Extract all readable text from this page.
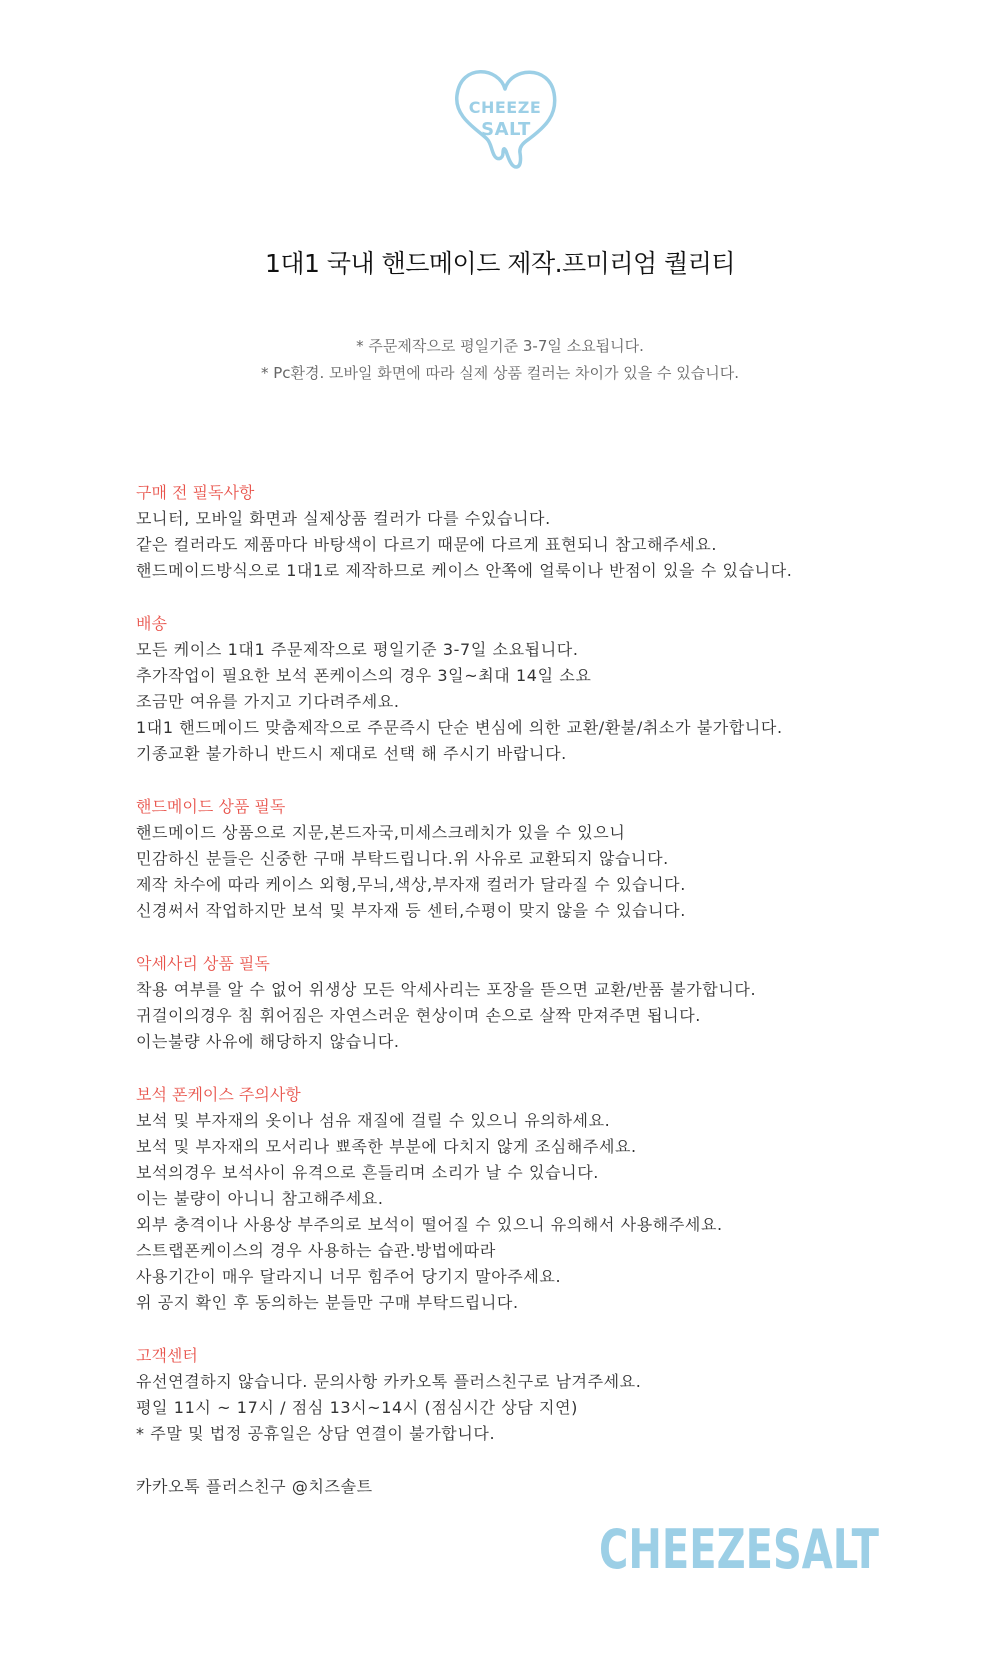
CHEEZE
SALT
1대1 국내 핸드메이드 제작.프미리엄 퀄리티
* 주문제작으로 평일기준 3-7일 소요됩니다.
* Pc환경. 모바일 화면에 따라 실제 상품 컬러는 차이가 있을 수 있습니다.
구매 전 필독사항
모니터, 모바일 화면과 실제상품 컬러가 다를 수있습니다.
같은 컬러라도 제품마다 바탕색이 다르기 때문에 다르게 표현되니 참고해주세요.
핸드메이드방식으로 1대1로 제작하므로 케이스 안쪽에 얼룩이나 반점이 있을 수 있습니다.
배송
모든 케이스 1대1 주문제작으로 평일기준 3-7일 소요됩니다.
추가작업이 필요한 보석 폰케이스의 경우 3일~최대 14일 소요
조금만 여유를 가지고 기다려주세요.
1대1 핸드메이드 맞춤제작으로 주문즉시 단순 변심에 의한 교환/환불/취소가 불가합니다.
기종교환 불가하니 반드시 제대로 선택 해 주시기 바랍니다.
핸드메이드 상품 필독
핸드메이드 상품으로 지문,본드자국,미세스크레치가 있을 수 있으니
민감하신 분들은 신중한 구매 부탁드립니다.위 사유로 교환되지 않습니다.
제작 차수에 따라 케이스 외형,무늬,색상,부자재 컬러가 달라질 수 있습니다.
신경써서 작업하지만 보석 및 부자재 등 센터,수평이 맞지 않을 수 있습니다.
악세사리 상품 필독
착용 여부를 알 수 없어 위생상 모든 악세사리는 포장을 뜯으면 교환/반품 불가합니다.
귀걸이의경우 침 휘어짐은 자연스러운 현상이며 손으로 살짝 만져주면 됩니다.
이는불량 사유에 해당하지 않습니다.
보석 폰케이스 주의사항
보석 및 부자재의 옷이나 섬유 재질에 걸릴 수 있으니 유의하세요.
보석 및 부자재의 모서리나 뾰족한 부분에 다치지 않게 조심해주세요.
보석의경우 보석사이 유격으로 흔들리며 소리가 날 수 있습니다.
이는 불량이 아니니 참고해주세요.
외부 충격이나 사용상 부주의로 보석이 떨어질 수 있으니 유의해서 사용해주세요.
스트랩폰케이스의 경우 사용하는 습관.방법에따라
사용기간이 매우 달라지니 너무 힘주어 당기지 말아주세요.
위 공지 확인 후 동의하는 분들만 구매 부탁드립니다.
고객센터
유선연결하지 않습니다. 문의사항 카카오톡 플러스친구로 남겨주세요.
평일 11시 ~ 17시 / 점심 13시~14시 (점심시간 상담 지연)
* 주말 및 법정 공휴일은 상담 연결이 불가합니다.
카카오톡 플러스친구 @치즈솔트
CHEEZESALT
